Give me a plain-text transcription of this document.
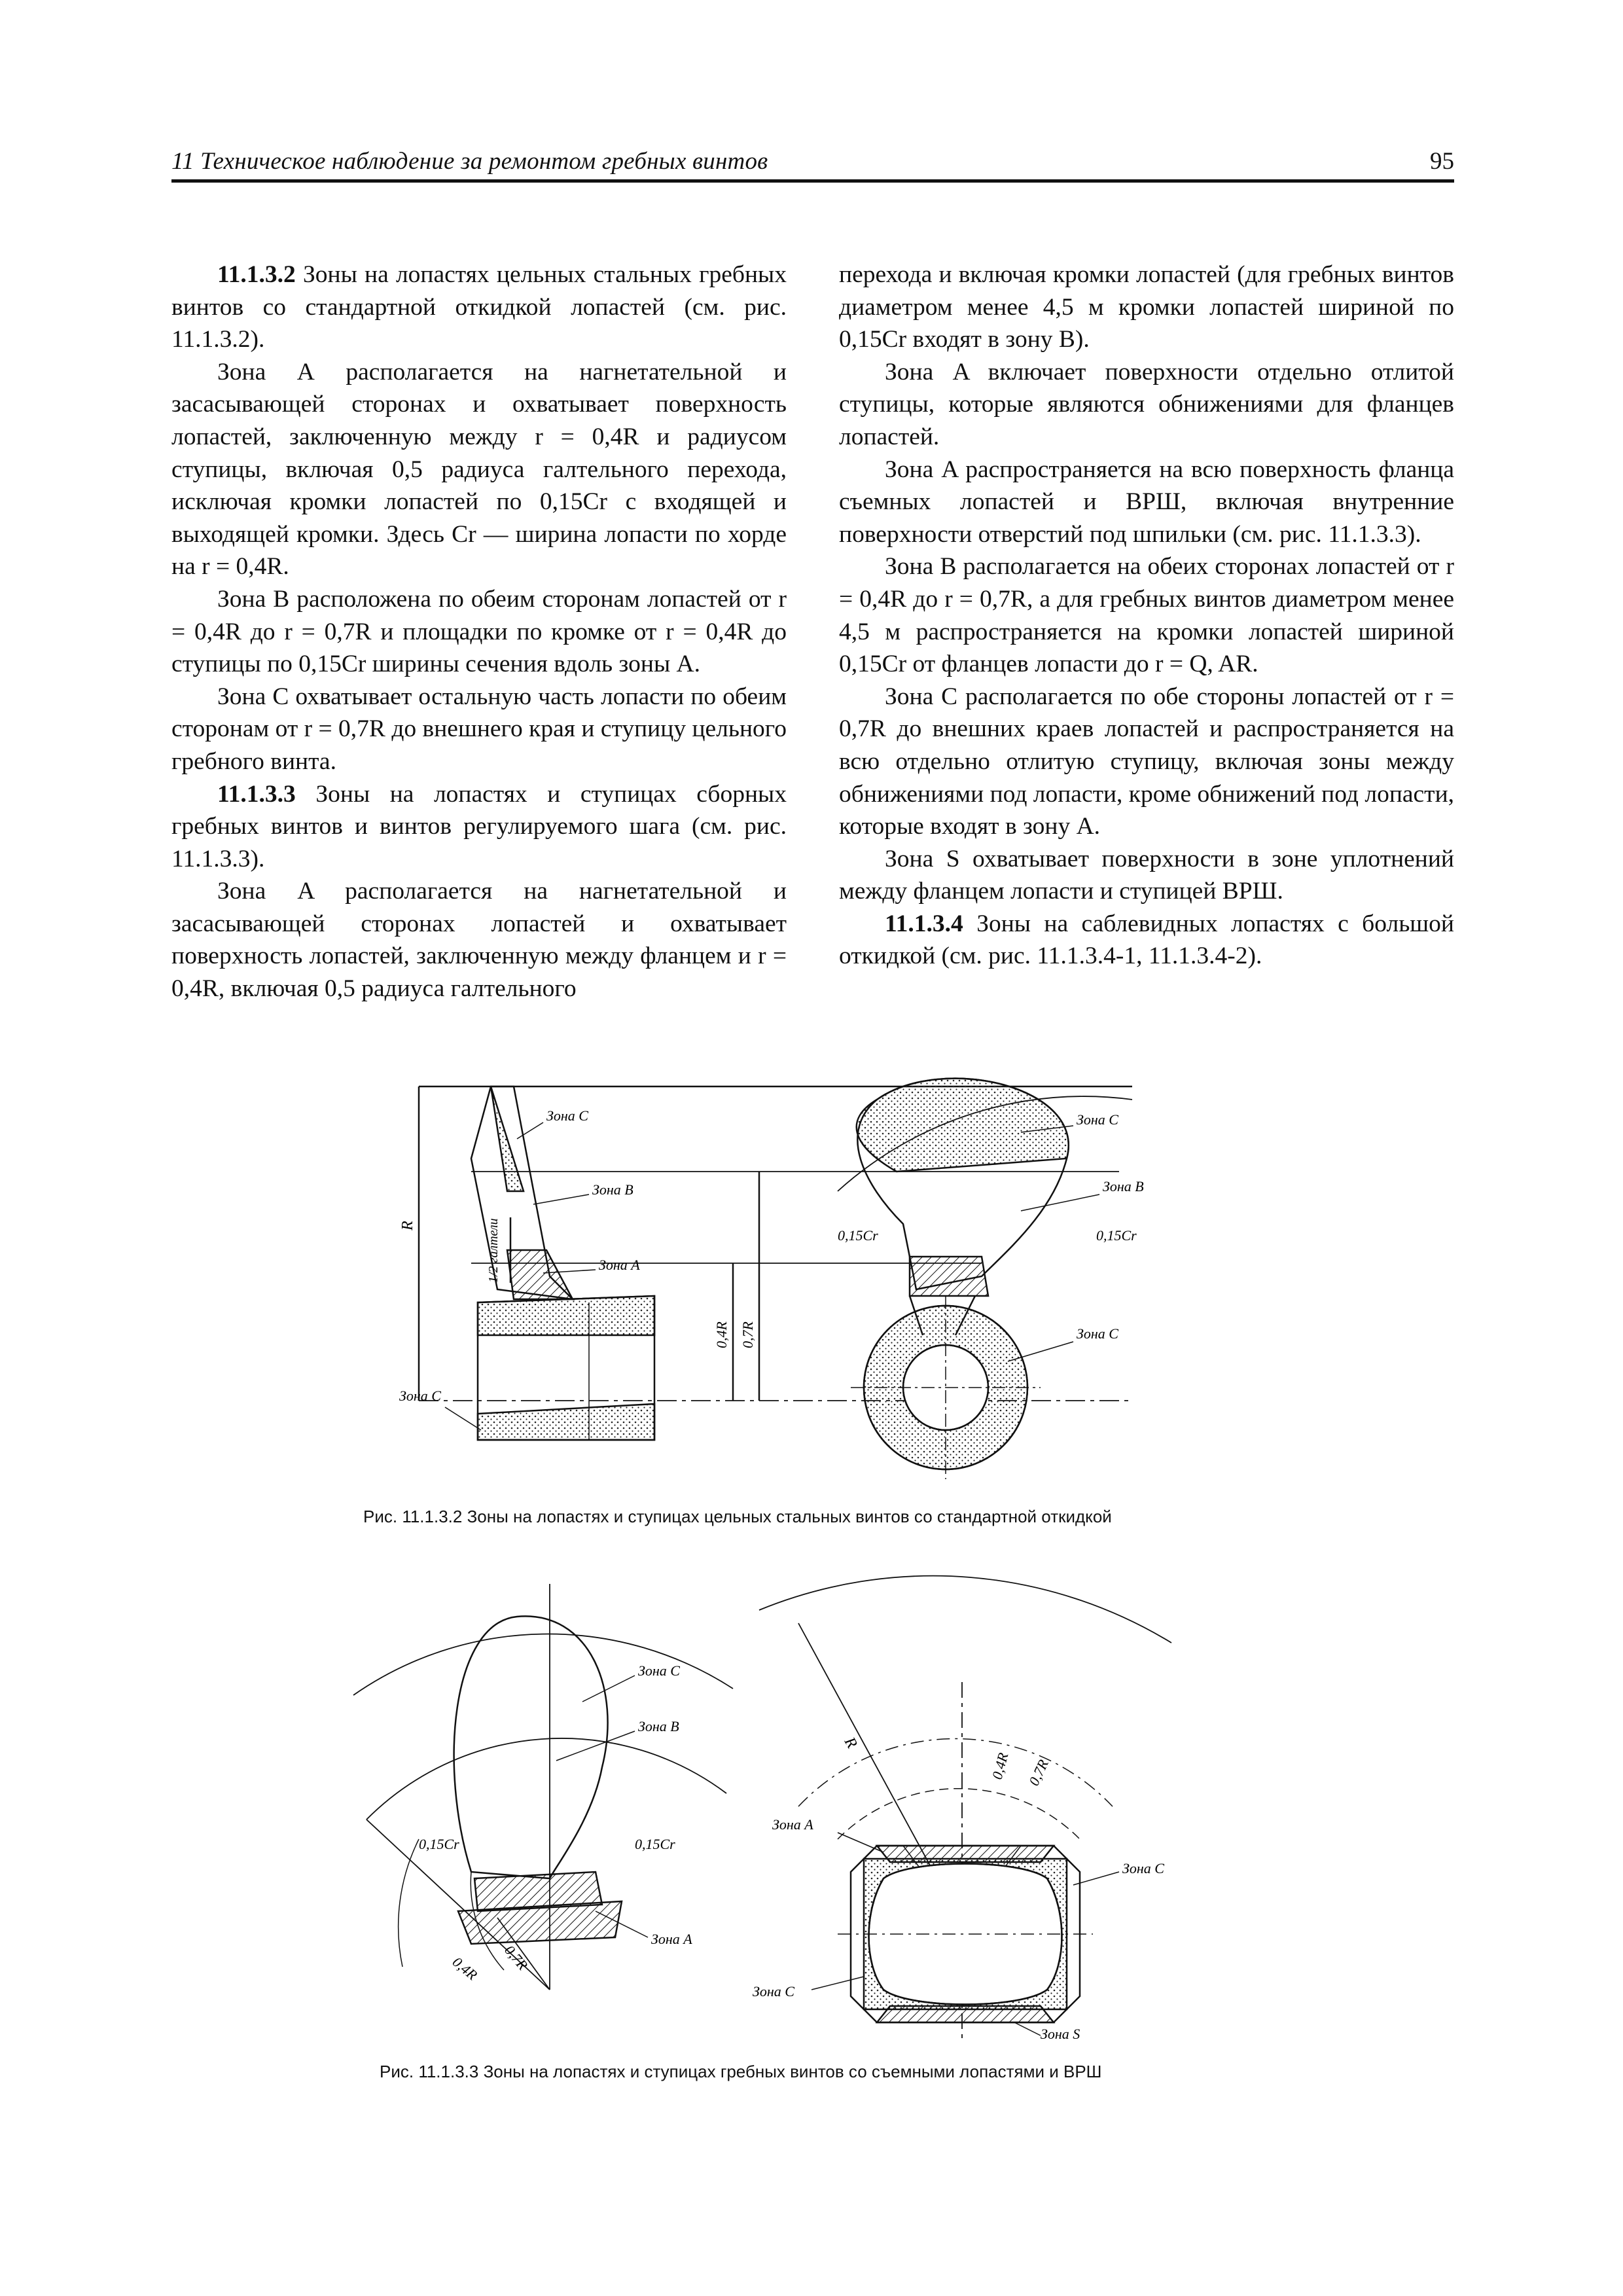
11 Техническое наблюдение за ремонтом гребных винтов	95

11.1.3.2 Зоны на лопастях цельных стальных гребных винтов со стандартной откидкой лопастей (см. рис. 11.1.3.2).

Зона А располагается на нагнетательной и засасывающей сторонах и охватывает поверхность лопастей, заключенную между r = 0,4R и радиусом ступицы, включая 0,5 радиуса галтельного перехода, исключая кромки лопастей по 0,15Cr с входящей и выходящей кромки. Здесь Cr — ширина лопасти по хорде на r = 0,4R.

Зона B расположена по обеим сторонам лопастей от r = 0,4R до r = 0,7R и площадки по кромке от r = 0,4R до ступицы по 0,15Cr ширины сечения вдоль зоны А.

Зона C охватывает остальную часть лопасти по обеим сторонам от r = 0,7R до внешнего края и ступицу цельного гребного винта.

11.1.3.3 Зоны на лопастях и ступицах сборных гребных винтов и винтов регулируемого шага (см. рис. 11.1.3.3).

Зона A располагается на нагнетательной и засасывающей сторонах лопастей и охватывает поверхность лопастей, заключенную между фланцем и r = 0,4R, включая 0,5 радиуса галтельного

перехода и включая кромки лопастей (для гребных винтов диаметром менее 4,5 м кромки лопастей шириной по 0,15Cr входят в зону B).

Зона A включает поверхности отдельно отлитой ступицы, которые являются обнижениями для фланцев лопастей.

Зона A распространяется на всю поверхность фланца съемных лопастей и ВРШ, включая внутренние поверхности отверстий под шпильки (см. рис. 11.1.3.3).

Зона B располагается на обеих сторонах лопастей от r = 0,4R до r = 0,7R, а для гребных винтов диаметром менее 4,5 м распространяется на кромки лопастей шириной 0,15Cr от фланцев лопасти до r = Q, AR.

Зона С располагается по обе стороны лопастей от r = 0,7R до внешних краев лопастей и распространяется на всю отдельно отлитую ступицу, включая зоны между обнижениями под лопасти, кроме обнижений под лопасти, которые входят в зону A.

Зона S охватывает поверхности в зоне уплотнений между фланцем лопасти и ступицей ВРШ.

11.1.3.4 Зоны на саблевидных лопастях с большой откидкой (см. рис. 11.1.3.4-1, 11.1.3.4-2).

Зона C
Зона B
Зона A
Зона C
1/2 галтели
R
0,4R 0,7R
Зона C
Зона B
0,15Cr	0,15Cr
Зона C
Рис. 11.1.3.2 Зоны на лопастях и ступицах цельных стальных винтов со стандартной откидкой
Зона C
Зона B
0,15Cr	0,15Cr
Зона A
0,7R
0,4R
R
0,4R 0,7R
Зона A
Зона C
Зона C
Зона S
Рис. 11.1.3.3 Зоны на лопастях и ступицах гребных винтов со съемными лопастями и ВРШ
